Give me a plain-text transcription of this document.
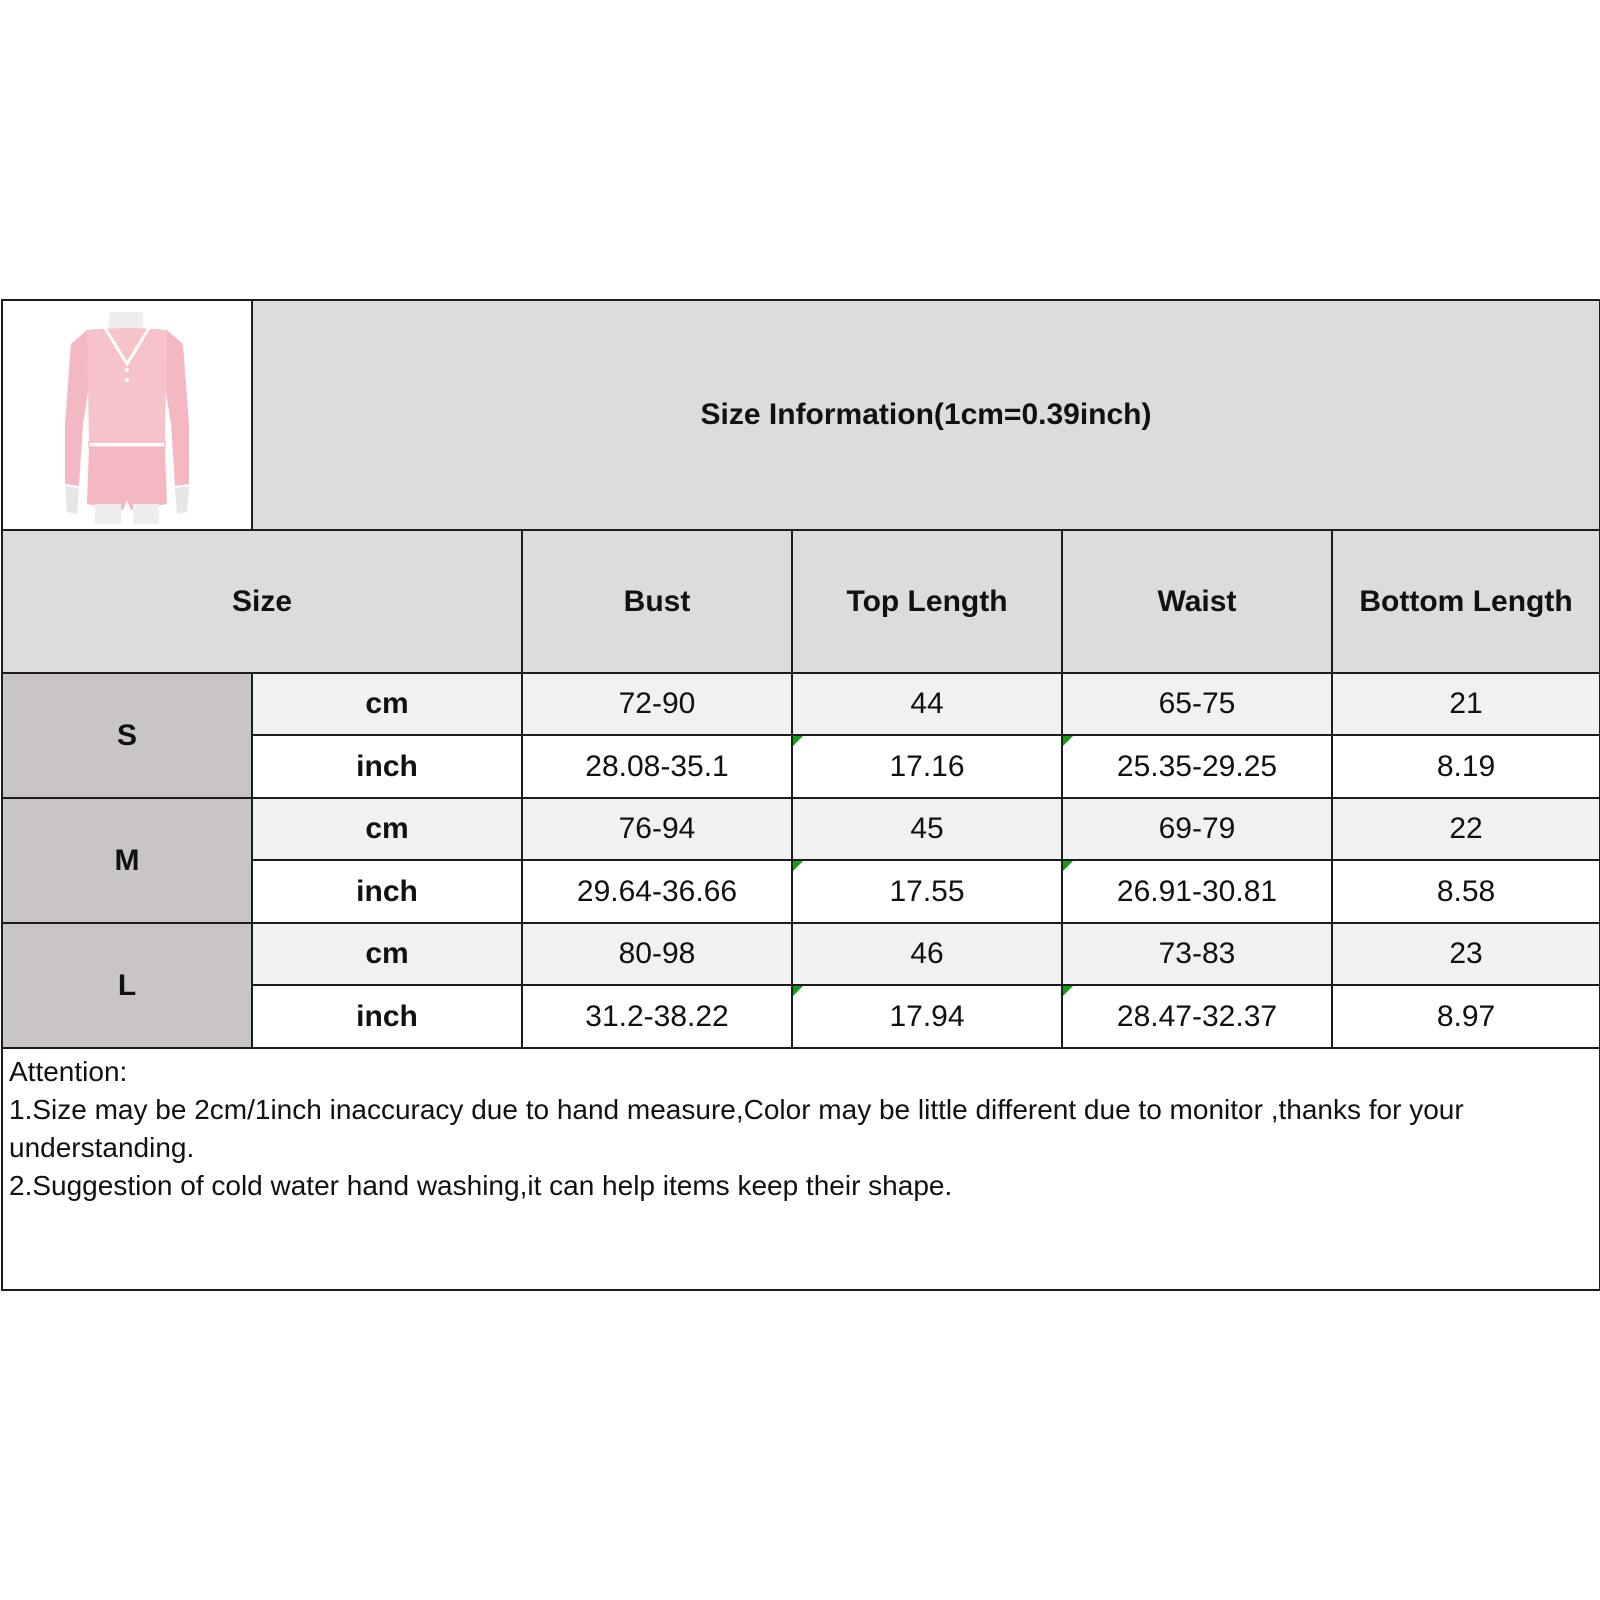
	Size Information(1cm=0.39inch)				
Size		Bust	Top Length	Waist	Bottom Length
S	cm	72-90	44	65-75	21
	inch	28.08-35.1	17.16	25.35-29.25	8.19
M	cm	76-94	45	69-79	22
	inch	29.64-36.66	17.55	26.91-30.81	8.58
L	cm	80-98	46	73-83	23
	inch	31.2-38.22	17.94	28.47-32.37	8.97

Attention:
1.Size may be 2cm/1inch inaccuracy due to hand measure,Color may be little different due to monitor ,thanks for your understanding.
2.Suggestion of cold water hand washing,it can help items keep their shape.					
